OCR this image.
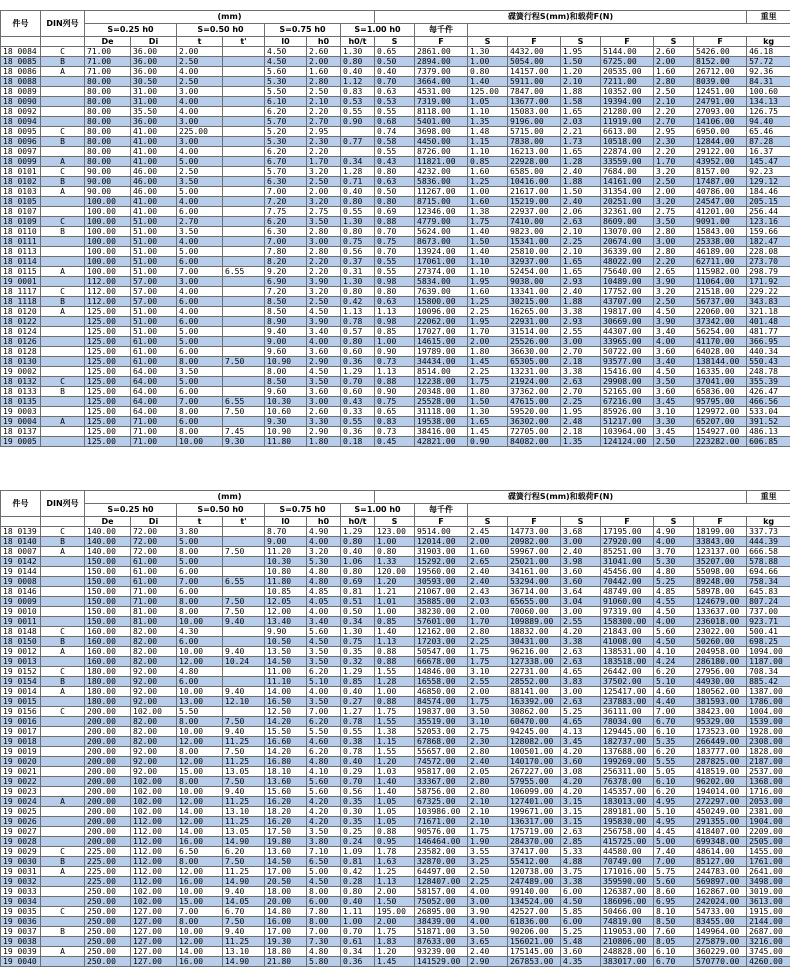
件号	DIN列号	(mm)							碟簧行程S(mm)和载荷F(N)								重里
		S=0.25 h0		S=0.50 h0		S=0.75 h0		S=1.00 h0		每千件							
		De	Di	t	t'	l0	h0	h0/t	S	F	S	F	S	F	S	F	kg
18 0084	C	71.00	36.00	2.00		4.50	2.60	1.30	0.65	2861.00	1.30	4432.00	1.95	5144.00	2.60	5426.00	46.18
18 0085	B	71.00	36.00	2.50		4.50	2.00	0.80	0.50	2894.00	1.00	5054.00	1.50	6725.00	2.00	8152.00	57.72
18 0086	A	71.00	36.00	4.00		5.60	1.60	0.40	0.40	7379.00	0.80	14157.00	1.20	20535.00	1.60	26712.00	92.36
18 0088		80.00	30.50	2.50		5.30	2.80	1.12	0.70	3664.00	1.40	5911.00	2.10	7211.00	2.80	8039.00	84.31
18 0089		80.00	31.00	3.00		5.50	2.50	0.83	0.63	4531.00	125.00	7847.00	1.88	10352.00	2.50	12451.00	100.60
18 0090		80.00	31.00	4.00		6.10	2.10	0.53	0.53	7319.00	1.05	13677.00	1.58	19394.00	2.10	24791.00	134.13
18 0092		80.00	35.50	4.00		6.20	2.20	0.55	0.55	8118.00	1.10	15083.00	1.65	21280.00	2.20	27093.00	126.75
18 0094		80.00	36.00	3.00		5.70	2.70	0.90	0.68	5401.00	1.35	9196.00	2.03	11919.00	2.70	14106.00	94.40
18 0095	C	80.00	41.00	225.00		5.20	2.95		0.74	3698.00	1.48	5715.00	2.21	6613.00	2.95	6950.00	65.46
18 0096	B	80.00	41.00	3.00		5.30	2.30	0.77	0.58	4450.00	1.15	7838.00	1.73	10518.00	2.30	12844.00	87.28
18 0097		80.00	41.00	4.00		6.20	2.20		0.55	8726.00	1.10	16213.00	1.65	22874.00	2.20	29122.00	16.37
18 0099	A	80.00	41.00	5.00		6.70	1.70	0.34	0.43	11821.00	0.85	22928.00	1.28	33559.00	1.70	43952.00	145.47
18 0101	C	90.00	46.00	2.50		5.70	3.20	1.28	0.80	4232.00	1.60	6585.00	2.40	7684.00	3.20	8157.00	92.23
18 0102	B	90.00	46.00	3.50		6.30	2.50	0.71	0.63	5836.00	1.25	10416.00	1.88	14161.00	2.50	17487.00	129.12
18 0103	A	90.00	46.00	5.00		7.00	2.00	0.40	0.50	11267.00	1.00	21617.00	1.50	31354.00	2.00	40786.00	184.46
18 0105		100.00	41.00	4.00		7.20	3.20	0.80	0.80	8715.00	1.60	15219.00	2.40	20251.00	3.20	24547.00	205.15
18 0107		100.00	41.00	6.00		7.75	2.75	0.55	0.69	12346.00	1.38	22937.00	2.06	32361.00	2.75	41201.00	256.44
18 0109	C	100.00	51.00	2.70		6.20	3.50	1.30	0.88	4779.00	1.75	7410.00	2.63	8609.00	3.50	9091.00	123.16
18 0110	B	100.00	51.00	3.50		6.30	2.80	0.80	0.70	5624.00	1.40	9823.00	2.10	13070.00	2.80	15843.00	159.66
18 0111		100.00	51.00	4.00		7.00	3.00	0.75	0.75	8673.00	1.50	15341.00	2.25	20674.00	3.00	25338.00	182.47
18 0113		100.00	51.00	5.00		7.80	2.80	0.56	0.70	13924.00	1.40	25810.00	2.10	36339.00	2.80	46189.00	228.08
18 0114		100.00	51.00	6.00		8.20	2.20	0.37	0.55	17061.00	1.10	32937.00	1.65	48022.00	2.20	62711.00	273.70
18 0115	A	100.00	51.00	7.00	6.55	9.20	2.20	0.31	0.55	27374.00	1.10	52454.00	1.65	75640.00	2.65	115982.00	298.79
19 0001		112.00	57.00	3.00		6.90	3.90	1.30	0.98	5834.00	1.95	9038.00	2.93	10489.00	3.90	11064.00	171.92
18 1117	C	112.00	57.00	4.00		7.20	3.20	0.80	0.80	7639.00	1.60	13341.00	2.40	17752.00	3.20	21518.00	229.22
18 1118	B	112.00	57.00	6.00		8.50	2.50	0.42	0.63	15800.00	1.25	30215.00	1.88	43707.00	2.50	56737.00	343.83
18 0120	A	125.00	51.00	4.00		8.50	4.50	1.13	1.13	10096.00	2.25	16265.00	3.38	19817.00	4.50	22060.00	321.18
18 0122		125.00	51.00	6.00		8.90	3.90	0.78	0.98	22062.00	1.95	22931.00	2.93	30669.00	3.90	37342.00	401.48
18 0124		125.00	51.00	5.00		9.40	3.40	0.57	0.85	17027.00	1.70	31514.00	2.55	44307.00	3.40	56254.00	481.77
18 0126		125.00	61.00	5.00		9.00	4.00	0.80	1.00	14615.00	2.00	25526.00	3.00	33965.00	4.00	41170.00	366.95
18 0128		125.00	61.00	6.00		9.60	3.60	0.60	0.90	19789.00	1.80	36630.00	2.70	50722.00	3.60	64028.00	440.34
18 0130		125.00	61.00	8.00	7.50	10.90	2.90	0.36	0.73	34434.00	1.45	65305.00	2.18	93577.00	3.40	138144.00	550.43
19 0002		125.00	64.00	3.50		8.00	4.50	1.29	1.13	8514.00	2.25	13231.00	3.38	15416.00	4.50	16335.00	248.78
18 0132	C	125.00	64.00	5.00		8.50	3.50	0.70	0.88	12238.00	1.75	21924.00	2.63	29908.00	3.50	37041.00	355.39
18 0133	B	125.00	64.00	6.00		9.60	3.60	0.60	0.90	20348.00	1.80	37362.00	2.70	52165.00	3.60	65836.00	426.47
18 0135		125.00	64.00	7.00	6.55	10.30	3.00	0.43	0.75	25528.00	1.50	47615.00	2.25	67216.00	3.45	95795.00	466.56
19 0003		125.00	64.00	8.00	7.50	10.60	2.60	0.33	0.65	31118.00	1.30	59520.00	1.95	85926.00	3.10	129972.00	533.04
19 0004	A	125.00	71.00	6.00		9.30	3.30	0.55	0.83	19538.00	1.65	36302.00	2.48	51217.00	3.30	65207.00	391.52
18 0137		125.00	71.00	8.00	7.45	10.90	2.90	0.36	0.73	38416.00	1.45	72705.00	2.18	103964.00	3.45	154927.00	486.13
19 0005		125.00	71.00	10.00	9.30	11.80	1.80	0.18	0.45	42821.00	0.90	84082.00	1.35	124124.00	2.50	223282.00	606.85
件号	DIN列号	(mm)							碟簧行程S(mm)和载荷F(N)								重里
		S=0.25 h0		S=0.50 h0		S=0.75 h0		S=1.00 h0		每千件							
		De	Di	t	t'	l0	h0	h0/t	S	F	S	F	S	F	S	F	kg
18 0139	C	140.00	72.00	3.80		8.70	4.90	1.29	123.00	9514.00	2.45	14773.00	3.68	17195.00	4.90	18199.00	337.73
18 0140	B	140.00	72.00	5.00		9.00	4.00	0.80	1.00	12014.00	2.00	20982.00	3.00	27920.00	4.00	33843.00	444.39
18 0007	A	140.00	72.00	8.00	7.50	11.20	3.20	0.40	0.80	31903.00	1.60	59967.00	2.40	85251.00	3.70	123137.00	666.58
19 0142		150.00	61.00	5.00		10.30	5.30	1.06	1.33	15292.00	2.65	25021.00	3.98	31041.00	5.30	35207.00	578.88
19 0144		150.00	61.00	6.00		10.80	4.80	0.80	120.00	19560.00	2.40	34161.00	3.60	45456.00	4.80	55098.00	694.66
19 0008		150.00	61.00	7.00	6.55	11.80	4.80	0.69	1.20	30593.00	2.40	53294.00	3.60	70442.00	5.25	89248.00	758.34
18 0146		150.00	71.00	6.00		10.85	4.85	0.81	1.21	21067.00	2.43	36714.00	3.64	48749.00	4.85	58978.00	645.83
19 0009		150.00	71.00	8.00	7.50	12.05	4.05	0.51	1.01	35885.00	2.03	65655.00	3.04	91060.00	4.55	124679.00	807.24
19 0010		150.00	81.00	8.00	7.50	12.00	4.00	0.50	1.00	38230.00	2.00	70060.00	3.00	97319.00	4.50	133637.00	737.00
19 0011		150.00	81.00	10.00	9.40	13.40	3.40	0.34	0.85	57601.00	1.70	109889.00	2.55	158300.00	4.00	236018.00	923.71
18 0148	C	160.00	82.00	4.30		9.90	5.60	1.30	1.40	12162.00	2.80	18832.00	4.20	21843.00	5.60	23022.00	500.41
18 0150	B	160.00	82.00	6.00		10.50	4.50	0.75	1.13	17203.00	2.25	30431.00	3.38	41008.00	4.50	50260.00	698.25
19 0012	A	160.00	82.00	10.00	9.40	13.50	3.50	0.35	0.88	50547.00	1.75	96216.00	2.63	138531.00	4.10	204958.00	1094.00
19 0013		160.00	82.00	12.00	10.24	14.50	3.50	0.32	0.88	66678.00	1.75	127338.00	2.63	183518.00	4.24	286180.00	1187.00
19 0152	C	180.00	92.00	4.80		11.00	6.20	1.29	1.55	14846.00	3.10	22731.00	4.65	26442.00	6.20	27956.00	708.34
19 0154	B	180.00	92.00	6.00		11.10	5.10	0.85	1.28	16558.00	2.55	28552.00	3.83	37502.00	5.10	44930.00	885.42
19 0014	A	180.00	92.00	10.00	9.40	14.00	4.00	0.40	1.00	46850.00	2.00	88141.00	3.00	125417.00	4.60	180562.00	1387.00
19 0015		180.00	92.00	13.00	12.10	16.50	3.50	0.27	0.88	84574.00	1.75	163392.00	2.63	237883.00	4.40	381593.00	1786.00
19 0156	C	200.00	102.00	5.50		12.50	7.00	1.27	1.75	19837.00	3.50	30862.00	5.25	36111.00	7.00	38423.00	1004.00
19 0016		200.00	82.00	8.00	7.50	14.20	6.20	0.78	1.55	35519.00	3.10	60470.00	4.65	78034.00	6.70	95329.00	1539.00
19 0017		200.00	82.00	10.00	9.40	15.50	5.50	0.55	1.38	52053.00	2.75	94245.00	4.13	129445.00	6.10	173523.00	1928.00
19 0018		200.00	82.00	12.00	11.25	16.60	4.60	0.38	1.15	67868.00	2.30	128082.00	3.45	182737.00	5.35	266449.00	2308.00
19 0019		200.00	92.00	8.00	7.50	14.20	6.20	0.78	1.55	55657.00	2.80	100501.00	4.20	137688.00	6.20	183777.00	1828.00
19 0020		200.00	92.00	12.00	11.25	16.80	4.80	0.40	1.20	74572.00	2.40	140170.00	3.60	199269.00	5.55	287825.00	2187.00
19 0021		200.00	92.00	15.00	13.05	18.10	4.10	0.29	1.03	95817.00	2.05	267227.00	3.08	256311.00	5.05	418519.00	2537.00
19 0022		200.00	102.00	8.00	7.50	13.60	5.60	0.70	1.40	33367.00	2.80	57955.00	4.20	76378.00	6.10	96202.00	1368.00
19 0023		200.00	102.00	10.00	9.40	15.60	5.60	0.56	1.40	58756.00	2.80	106099.00	4.20	145357.00	6.20	194014.00	1716.00
19 0024	A	200.00	102.00	12.00	11.25	16.20	4.20	0.35	1.05	67325.00	2.10	127401.00	3.15	183013.00	4.95	272297.00	2053.00
19 0025		200.00	102.00	14.00	13.10	18.20	4.20	0.30	1.05	103986.00	2.10	199671.00	3.15	289181.00	5.10	450249.00	2381.00
19 0026		200.00	112.00	12.00	11.25	16.20	4.20	0.35	1.05	71671.00	2.10	136317.00	3.15	195830.00	4.95	291355.00	1904.00
19 0027		200.00	112.00	14.00	13.05	17.50	3.50	0.25	0.88	90576.00	1.75	175719.00	2.63	256758.00	4.45	418407.00	2209.00
19 0028		200.00	112.00	16.00	14.90	19.80	3.80	0.24	0.95	146464.00	1.90	284370.00	2.85	415725.00	5.00	699348.00	2505.00
19 0029	C	225.00	112.00	6.50	6.20	13.60	7.10	1.09	1.78	23582.00	3.55	37417.00	5.33	44580.00	7.40	48614.00	1455.00
19 0030	B	225.00	112.00	8.00	7.50	14.50	6.50	0.81	1.63	32870.00	3.25	55412.00	4.88	70749.00	7.00	85127.00	1761.00
19 0031	A	225.00	112.00	12.00	11.25	17.00	5.00	0.42	1.25	64497.00	2.50	120738.00	3.75	171016.00	5.75	244783.00	2641.00
19 0032		225.00	112.00	16.00	14.90	20.50	4.50	0.28	1.13	128407.00	2.25	247489.00	3.38	359590.00	5.60	569897.00	3498.00
19 0033		250.00	102.00	10.00	9.40	18.00	8.00	0.80	2.00	58157.00	4.00	99140.00	6.00	126387.00	8.60	162867.00	3019.00
19 0034		250.00	102.00	15.00	14.05	20.00	6.00	0.40	1.50	75052.00	3.00	134524.00	4.50	186096.00	6.95	242024.00	3613.00
19 0035	C	250.00	127.00	7.00	6.70	14.80	7.80	1.11	195.00	26895.00	3.90	42527.00	5.85	50466.00	8.10	54733.00	1915.00
19 0036		250.00	127.00	8.00	7.50	16.00	8.00	1.00	2.00	38439.00	4.00	61836.00	6.00	74819.00	8.50	83455.00	2144.00
19 0037	B	250.00	127.00	10.00	9.40	17.00	7.00	0.70	1.75	51871.00	3.50	90206.00	5.25	119053.00	7.60	149964.00	2687.00
19 0038		250.00	127.00	12.00	11.25	19.30	7.30	0.61	1.83	87633.00	3.65	156021.00	5.48	210806.00	8.05	275879.00	3216.00
19 0039	A	250.00	127.00	14.00	13.10	18.80	4.80	0.34	1.20	93239.00	2.40	175145.00	3.60	248828.00	6.10	360229.00	3745.00
19 0040		250.00	127.00	16.00	14.90	21.80	5.80	0.36	1.45	141529.00	2.90	267853.00	4.35	383017.00	6.70	570770.00	4260.00
